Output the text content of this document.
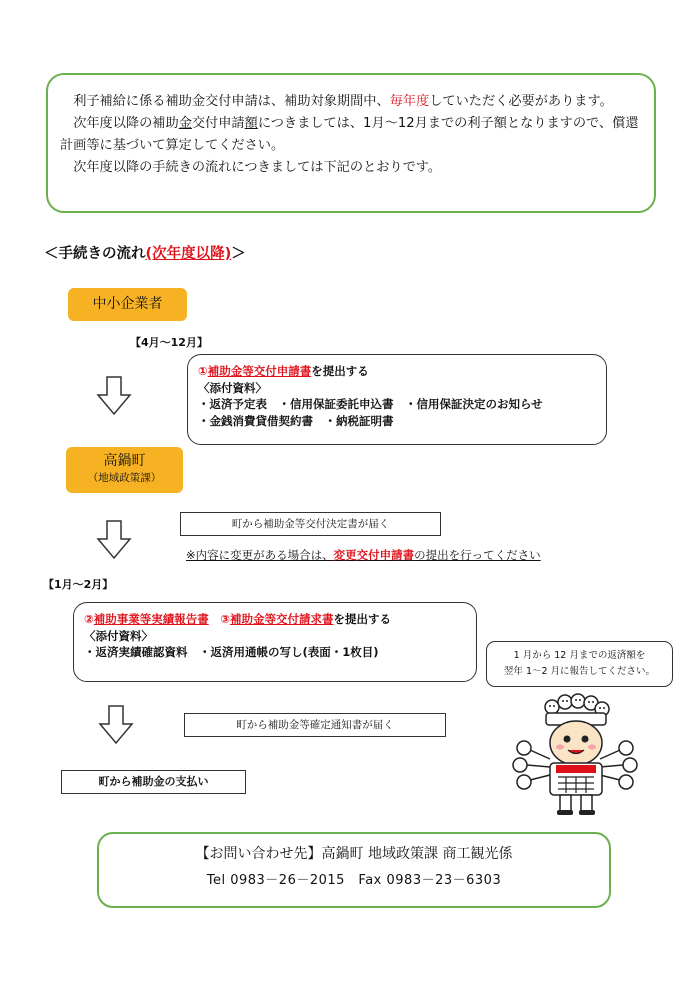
　利子補給に係る補助金交付申請は、補助対象期間中、毎年度していただく必要があります。

　次年度以降の補助金交付申請額につきましては、1月～12月までの利子額となりますので、償還計画等に基づいて算定してください。

　次年度以降の手続きの流れにつきましては下記のとおりです。

＜手続きの流れ(次年度以降)＞
中小企業者
【4月～12月】
①補助金等交付申請書を提出する
〈添付資料〉
・返済予定表　・信用保証委託申込書　・信用保証決定のお知らせ
・金銭消費貸借契約書　・納税証明書
高鍋町
（地域政策課）
町から補助金等交付決定書が届く
※内容に変更がある場合は、変更交付申請書の提出を行ってください
【1月～2月】
②補助事業等実績報告書　 ③補助金等交付請求書を提出する
〈添付資料〉
・返済実績確認資料　・返済用通帳の写し(表面・1枚目)	1 月から 12 月までの返済額を
翌年 1～2 月に報告してください。
町から補助金等確定通知書が届く
町から補助金の支払い
【お問い合わせ先】高鍋町 地域政策課 商工観光係
Tel 0983－26－2015　Fax 0983－23－6303
